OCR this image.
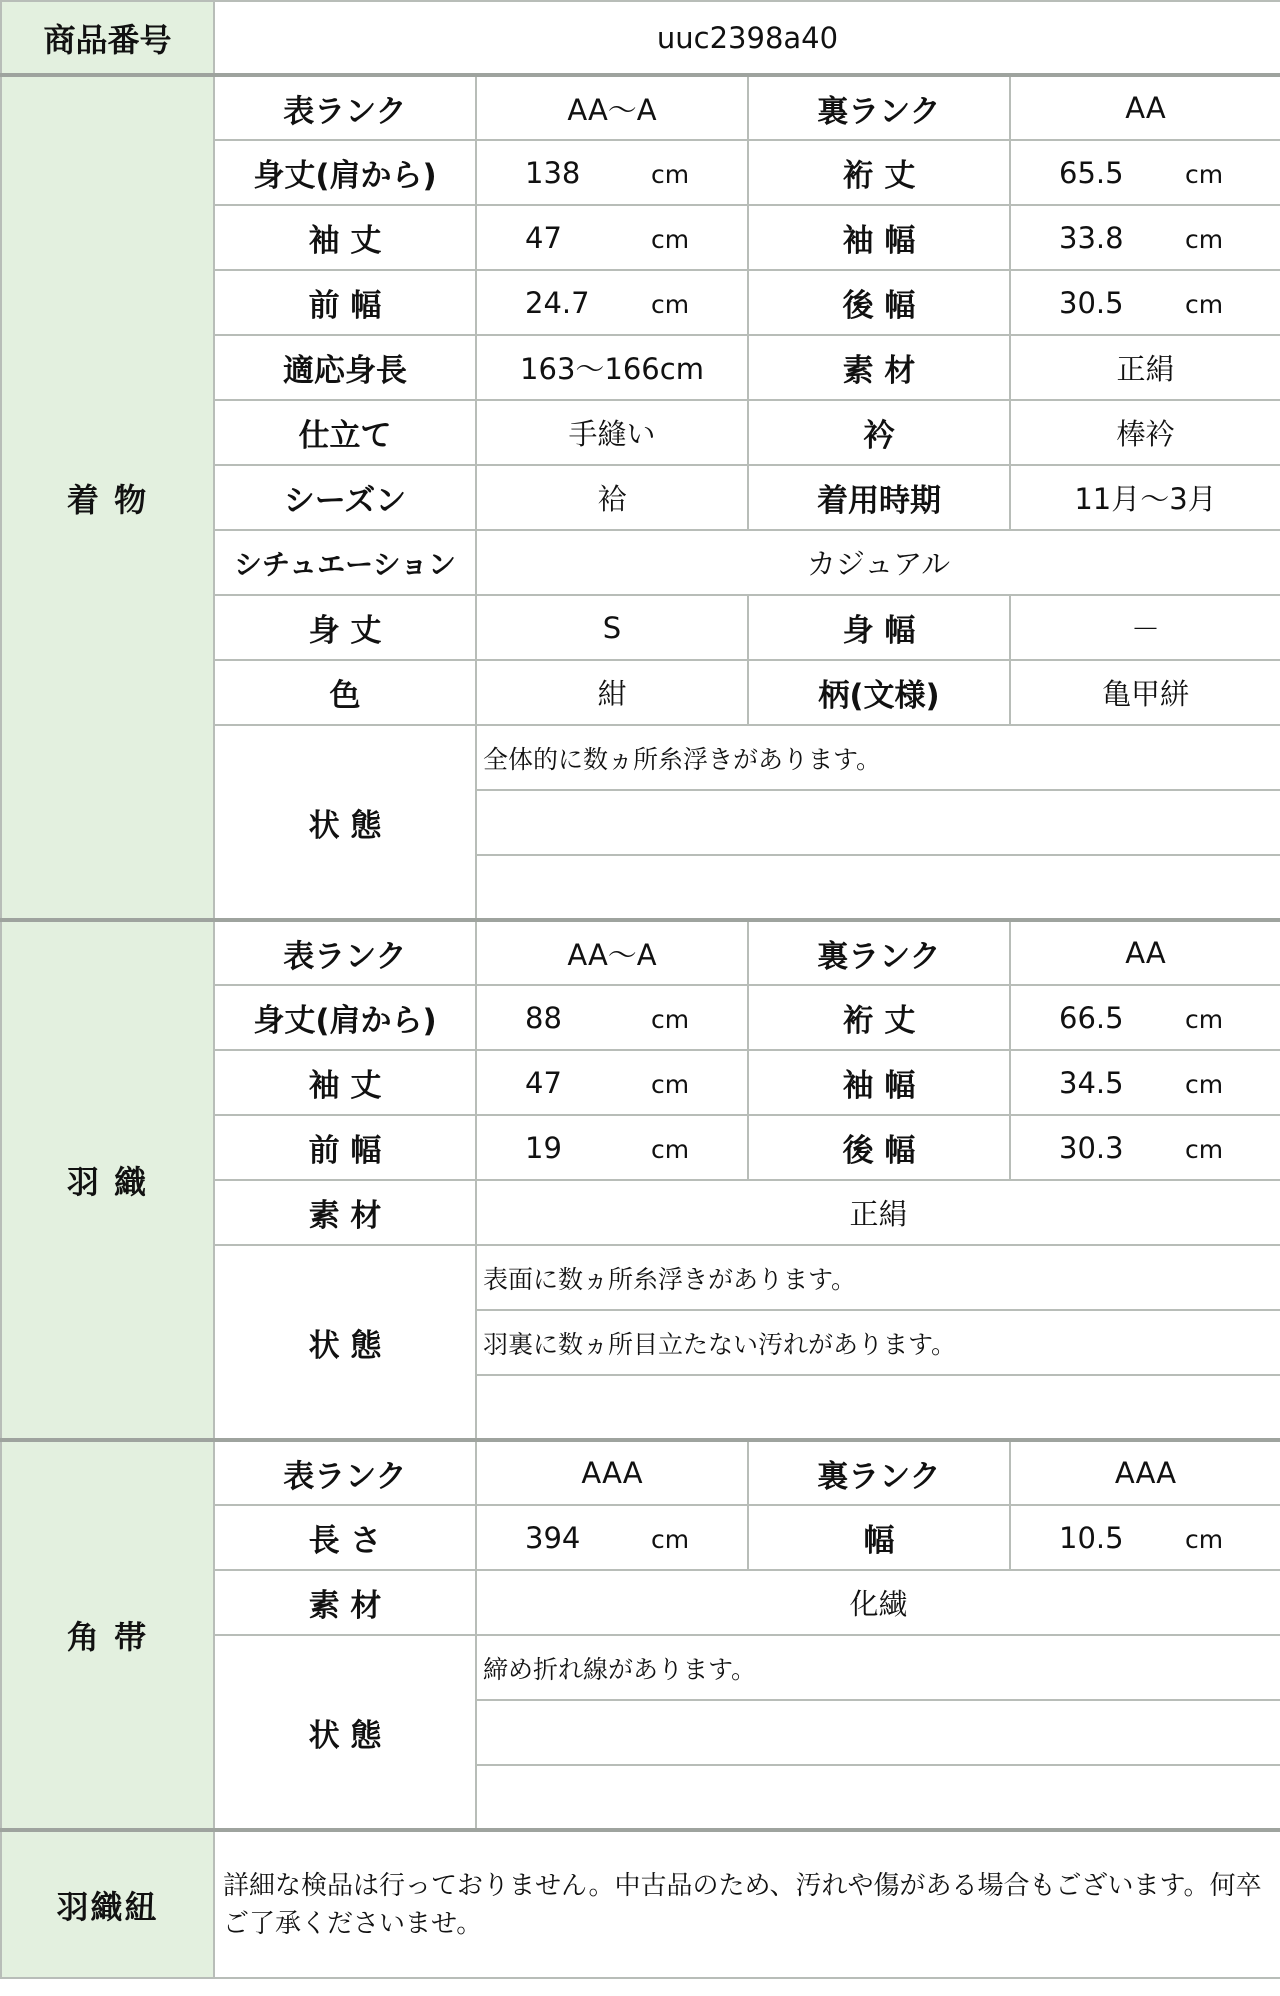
商品番号	uuc2398a40			
着 物	表ランク	AA～A	裏ランク	AA
	身丈(肩から)	138 cm	裄 丈	65.5 cm
	袖 丈	47 cm	袖 幅	33.8 cm
	前 幅	24.7 cm	後 幅	30.5 cm
	適応身長	163～166cm	素 材	正絹
	仕立て	手縫い	衿	棒衿
	シーズン	袷	着用時期	11月～3月
	シチュエーション	カジュアル		
	身 丈	S	身 幅	－
	色	紺	柄(文様)	亀甲絣
	状 態	全体的に数ヵ所糸浮きがあります。		

羽 織	表ランク	AA～A	裏ランク	AA
	身丈(肩から)	88 cm	裄 丈	66.5 cm
	袖 丈	47 cm	袖 幅	34.5 cm
	前 幅	19 cm	後 幅	30.3 cm
	素 材	正絹		
	状 態	表面に数ヵ所糸浮きがあります。		
		羽裏に数ヵ所目立たない汚れがあります。		

角 帯	表ランク	AAA	裏ランク	AAA
	長 さ	394 cm	幅	10.5 cm
	素 材	化繊		
	状 態	締め折れ線があります。		

羽織紐	詳細な検品は行っておりません。中古品のため、汚れや傷がある場合もございます。何卒ご了承くださいませ。			
